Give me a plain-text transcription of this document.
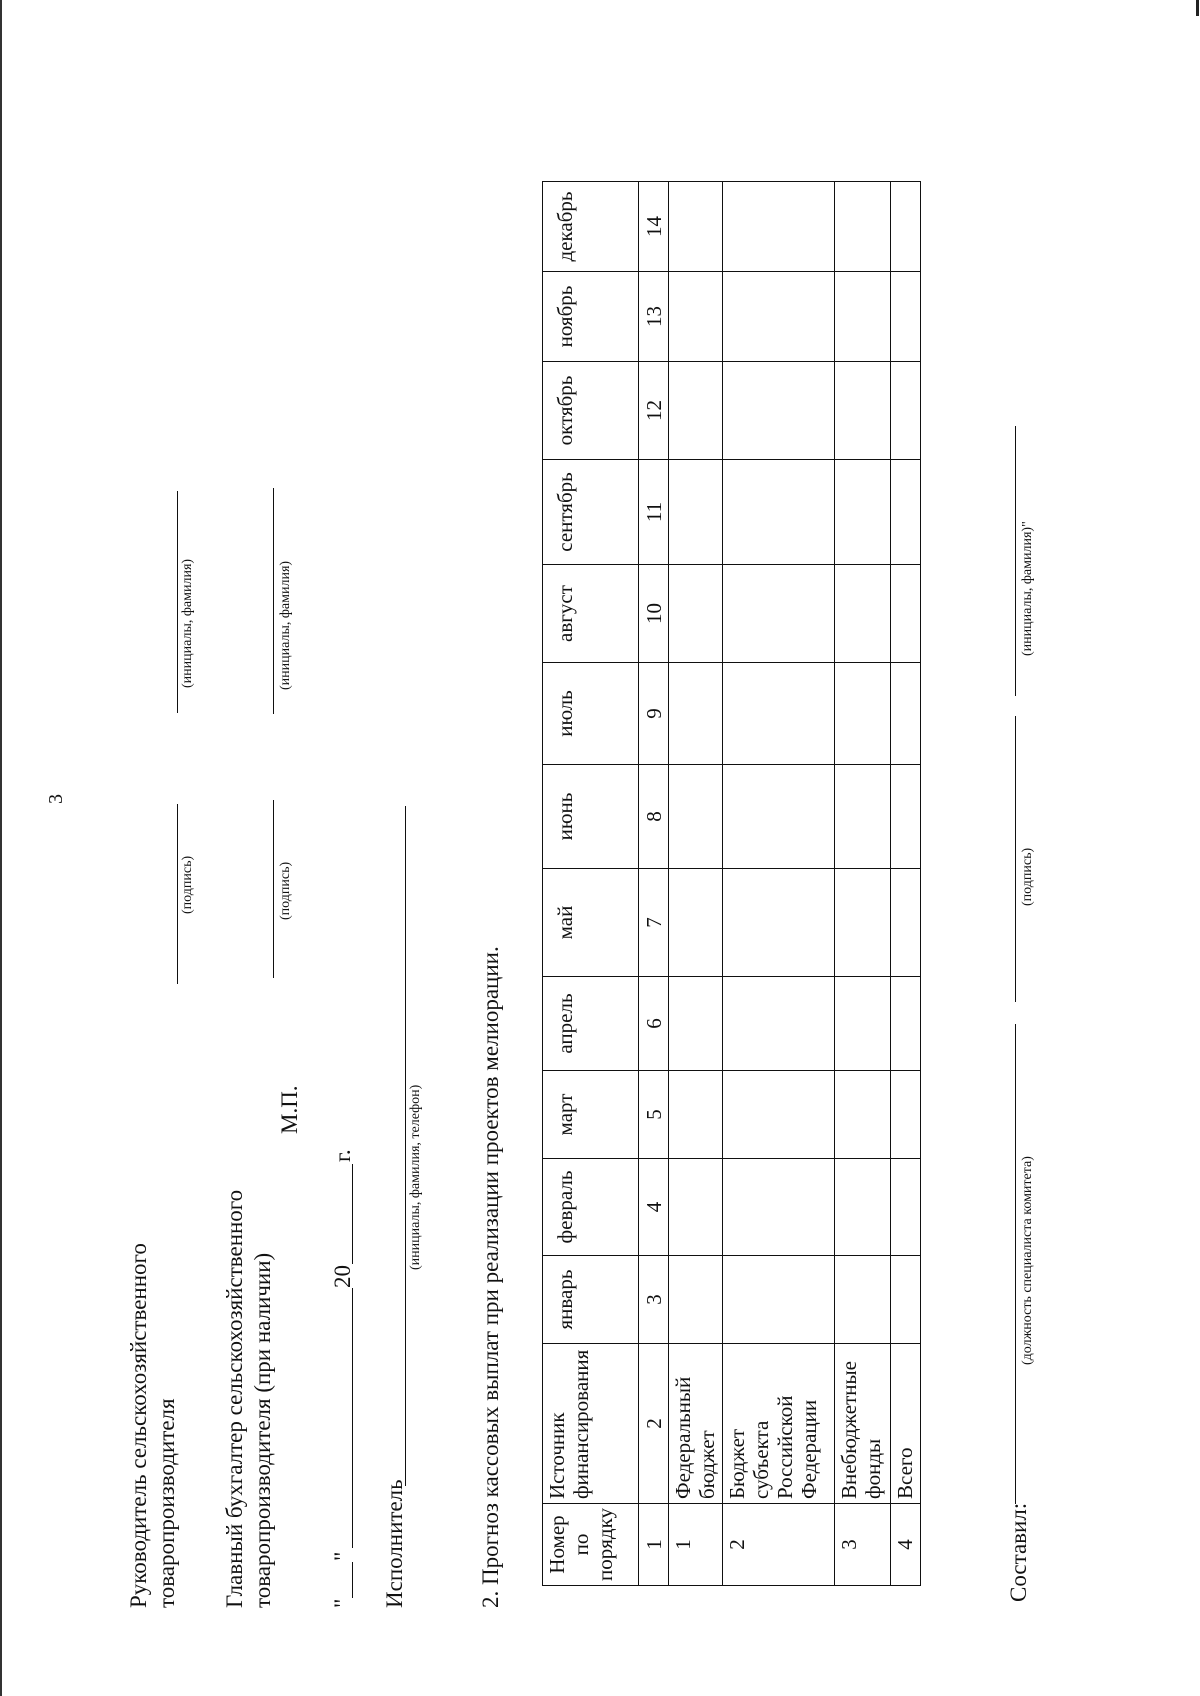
3
Руководитель сельскохозяйственного товаропроизводителя
(подпись)
(инициалы, фамилия)
Главный бухгалтер сельскохозяйственного товаропроизводителя (при наличии)
(подпись)
(инициалы, фамилия)
М.П.
"
"
20
г.
Исполнитель
(инициалы, фамилия, телефон) 2. Прогноз кассовых выплат при реализации проектов мелиорации. Номер по порядку	Источник финансирования	январь	февраль	март	апрель	май	июнь	июль	август	сентябрь	октябрь	ноябрь	декабрь
1	2	3	4	5	6	7	8	9	10	11	12	13	14
1	Федеральный бюджет												
2	Бюджет субъекта Российской Федерации												
3	Внебюджетные фонды												
4	Всего												
Составил:
(должность специалиста комитета)
(подпись)
(инициалы, фамилия)"
